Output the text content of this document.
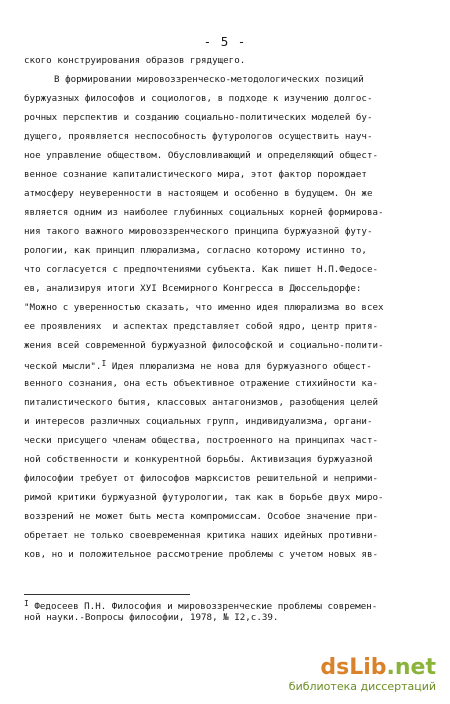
- 5 -
ского конструирования образов грядущего.
В формировании мировоззренческо-методологических позиций
буржуазных философов и социологов, в подходе к изучению долгос-
рочных перспектив и созданию социально-политических моделей бу-
дущего, проявляется неспособность футурологов осуществить науч-
ное управление обществом. Обусловливающий и определяющий общест-
венное сознание капиталистического мира, этот фактор порождает
атмосферу неуверенности в настоящем и особенно в будущем. Он же
является одним из наиболее глубинных социальных корней формирова-
ния такого важного мировоззренческого принципа буржуазной футу-
рологии, как принцип плюрализма, согласно которому истинно то,
что согласуется с предпочтениями субъекта. Как пишет Н.П.Федосе-
ев, анализируя итоги ХУI Всемирного Конгресса в Дюссельдорфе:
"Можно с уверенностью сказать, что именно идея плюрализма во всех
ее проявлениях  и аспектах представляет собой ядро, центр притя-
жения всей современной буржуазной философской и социально-полити-
ческой мысли".$^I$ Идея плюрализма не нова для буржуазного общест-
венного сознания, она есть объективное отражение стихийности ка-
питалистического бытия, классовых антагонизмов, разобщения целей
и интересов различных социальных групп, индивидуализма, органи-
чески присущего членам общества, построенного на принципах част-
ной собственности и конкурентной борьбы. Активизация буржуазной
философии требует от философов марксистов решительной и неприми-
римой критики буржуазной футурологии, так как в борьбе двух миро-
воззрений не может быть места компромиссам. Особое значение при-
обретает не только своевременная критика наших идейных противни-
ков, но и положительное рассмотрение проблемы с учетом новых яв-
$^I$ Федосеев П.Н. Философия и мировоззренческие проблемы современ-
ной науки.-Вопросы философии, 1978, № I2,с.39.
dsLib.net
библиотека диссертаций
